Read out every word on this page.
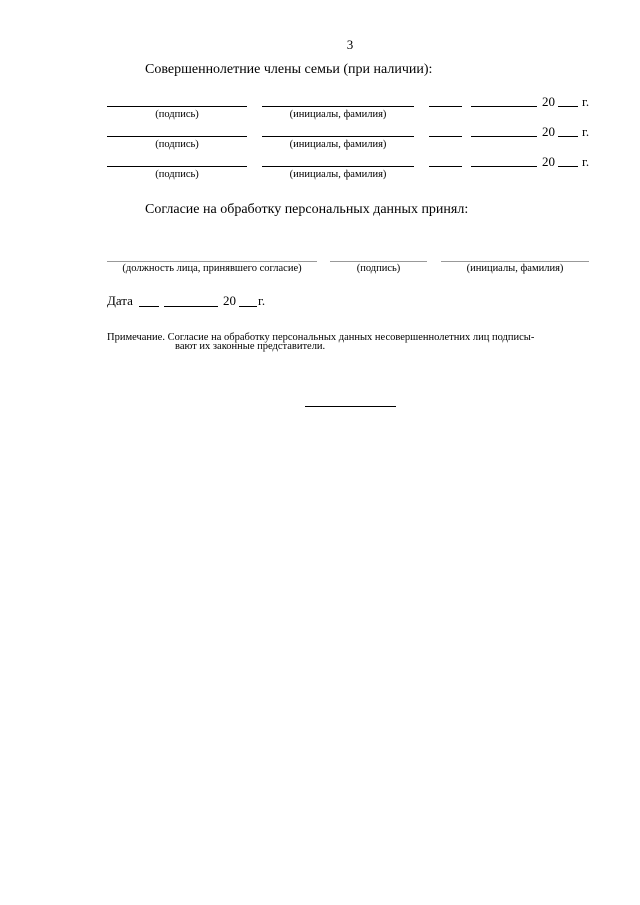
3
Совершеннолетние члены семьи (при наличии):
20 г.
(подпись)	(инициалы, фамилия)
20 г.
(подпись)	(инициалы, фамилия)
20 г.
(подпись)	(инициалы, фамилия)
Согласие на обработку персональных данных принял:
(должность лица, принявшего согласие)	(подпись)	(инициалы, фамилия)
Дата	20 г.
Примечание. Согласие на обработку персональных данных несовершеннолетних лиц подписы-
вают их законные представители.
